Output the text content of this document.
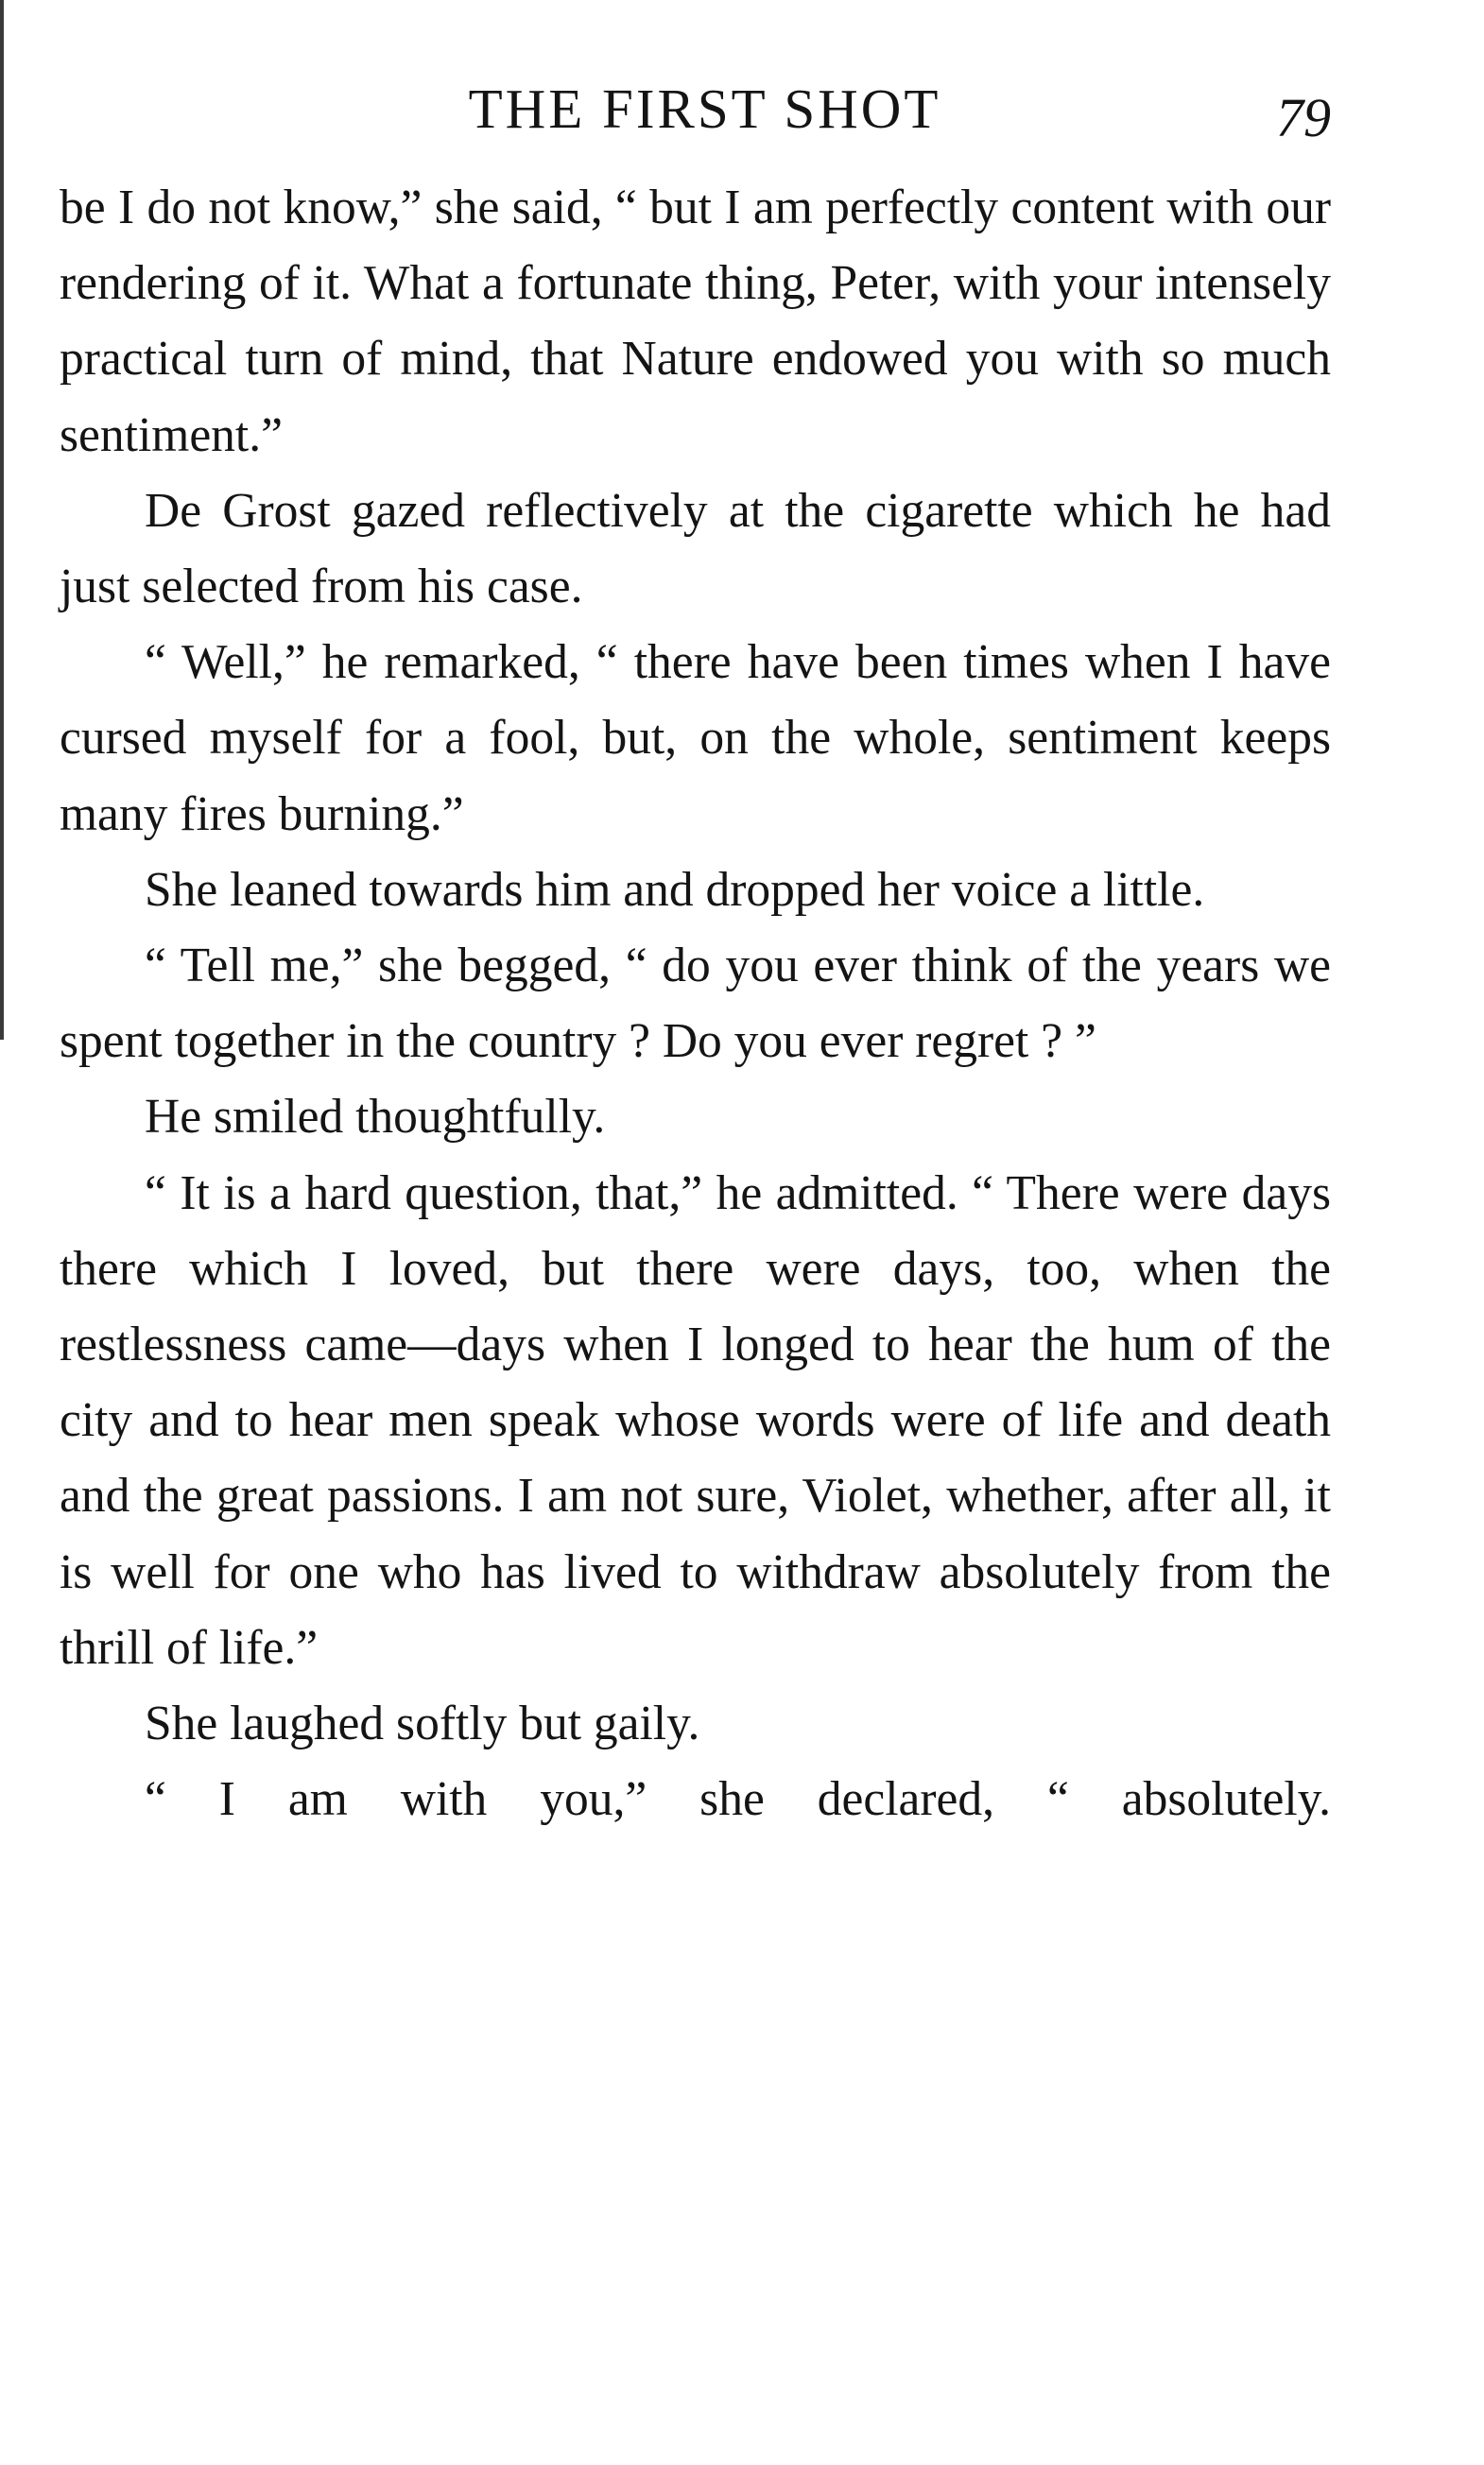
THE FIRST SHOT	79

be I do not know,” she said, “ but I am perfectly content with our rendering of it. What a fortunate thing, Peter, with your intensely practical turn of mind, that Nature endowed you with so much sentiment.”

De Grost gazed reflectively at the cigarette which he had just selected from his case.

“ Well,” he remarked, “ there have been times when I have cursed myself for a fool, but, on the whole, sentiment keeps many fires burning.”

She leaned towards him and dropped her voice a little.

“ Tell me,” she begged, “ do you ever think of the years we spent together in the country ? Do you ever regret ? ”

He smiled thoughtfully.

“ It is a hard question, that,” he admitted. “ There were days there which I loved, but there were days, too, when the restlessness came—days when I longed to hear the hum of the city and to hear men speak whose words were of life and death and the great passions. I am not sure, Violet, whether, after all, it is well for one who has lived to withdraw absolutely from the thrill of life.”

She laughed softly but gaily.

“ I am with you,” she declared, “ absolutely.
